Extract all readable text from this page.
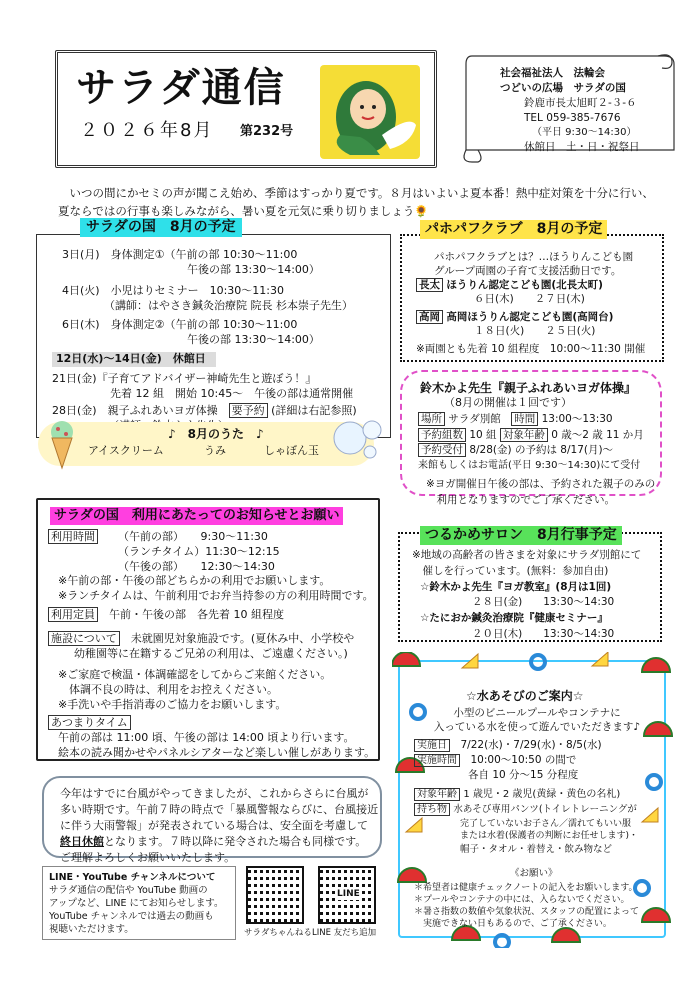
サラダ通信
２０２６年8月 第232号
社会福祉法人　法輪会
つどいの広場　サラダの国
鈴鹿市長太旭町２-３-６
TEL 059-385-7676
（平日 9:30～14:30）
休館日　土・日・祝祭日
　いつの間にかセミの声が聞こえ始め、季節はすっかり夏です。８月はいよいよ夏本番！熱中症対策を十分に行い、
夏ならではの行事も楽しみながら、暑い夏を元気に乗り切りましょう🌻
サラダの国　8月の予定
3日(月)　 身体測定①（午前の部 10:30～11:00
午後の部 13:30～14:00）
4日(火)　 小児はりセミナー　10:30～11:30
（講師：はやさき鍼灸治療院 院長 杉本崇子先生）
6日(木)　 身体測定②（午前の部 10:30～11:00
午後の部 13:30～14:00）
12日(水)～14日(金)　休館日
21日(金)『子育てアドバイザー神崎先生と遊ぼう！』
先着 12 組　開始 10:45～　午後の部は通常開催
28日(金)　親子ふれあいヨガ体操　 要予約 (詳細は右記参照)
♪　8月のうた　♪
アイスクリーム	うみ	しゃぼん玉
サラダの国　利用にあたってのお知らせとお願い
利用時間 （午前の部）　　9:30～11:30
（ランチタイム）11:30～12:15
（午後の部）　　12:30～14:30
※午前の部・午後の部どちらかの利用でお願いします。
※ランチタイムは、午前利用でお弁当持参の方の利用時間です。
利用定員　 午前・午後の部　各先着 10 組程度
施設について　 未就園児対象施設です。(夏休み中、小学校や
幼稚園等に在籍するご兄弟の利用は、ご遠慮ください。)
※ご家庭で検温・体調確認をしてからご来館ください。
　体調不良の時は、利用をお控えください。
※手洗いや手指消毒のご協力をお願いします。
あつまりタイム
午前の部は 11:00 頃、午後の部は 14:00 頃より行います。
絵本の読み聞かせやパネルシアターなど楽しい催しがあります。
今年はすでに台風がやってきましたが、これからさらに台風が
多い時期です。午前７時の時点で「暴風警報ならびに、台風接近
に伴う大雨警報」が発表されている場合は、安全面を考慮して
終日休館となります。７時以降に発令された場合も同様です。
ご理解よろしくお願いいたします。
LINE・YouTube チャンネルについて
サラダ通信の配信や YouTube 動画の
アップなど、LINE にてお知らせします。
YouTube チャンネルでは過去の動画も
視聴いただけます。	サラダちゃんねる
LINE
LINE 友だち追加
パホパフクラブ　8月の予定
パホパフクラブとは？…ほうりんこども園
グループ両園の子育て支援活動日です。
長太 ほうりん認定こども園(北長太町)
６日(木)　　２７日(木)
高岡 高岡ほうりん認定こども園(高岡台)
１８日(火)　　２５日(火)
※両園とも先着 10 組程度　10:00～11:30 開催
鈴木かよ先生『親子ふれあいヨガ体操』
（8月の開催は１回です）
場所 サラダ別館　 時間 13:00～13:30
予約組数 10 組 対象年齢 0 歳～2 歳 11 か月
予約受付 8/28(金) の予約は 8/17(月)～
来館もしくはお電話(平日 9:30～14:30)にて受付
※ヨガ開催日午後の部は、予約された親子のみの
　利用となりますのでご了承ください。
つるかめサロン　8月行事予定
※地域の高齢者の皆さまを対象にサラダ別館にて
　催しを行っています。(無料：参加自由)
☆鈴木かよ先生『ヨガ教室』(8月は1回)
２８日(金)　　13:30～14:30
☆たにおか鍼灸治療院『健康セミナー』
２０日(木)　　13:30～14:30
☆水あそびのご案内☆
小型のビニールプールやコンテナに
入っている水を使って遊んでいただきます♪
実施日　 7/22(水)・7/29(水)・8/5(水)
実施時間　 10:00～10:50 の間で
各自 10 分～15 分程度
対象年齢 1 歳児・2 歳児(黄緑・黄色の名札)
持ち物 水あそび専用パンツ(トイレトレーニングが
完了していないお子さん／濡れてもいい服
または水着(保護者の判断にお任せします)・
帽子・タオル・着替え・飲み物など
《お願い》
＊希望者は健康チェックノートの記入をお願いします。
＊プールやコンテナの中には、入らないでください。
＊暑さ指数の数値や気象状況、スタッフの配置によって
　実施できない日もあるので、ご了承ください。
